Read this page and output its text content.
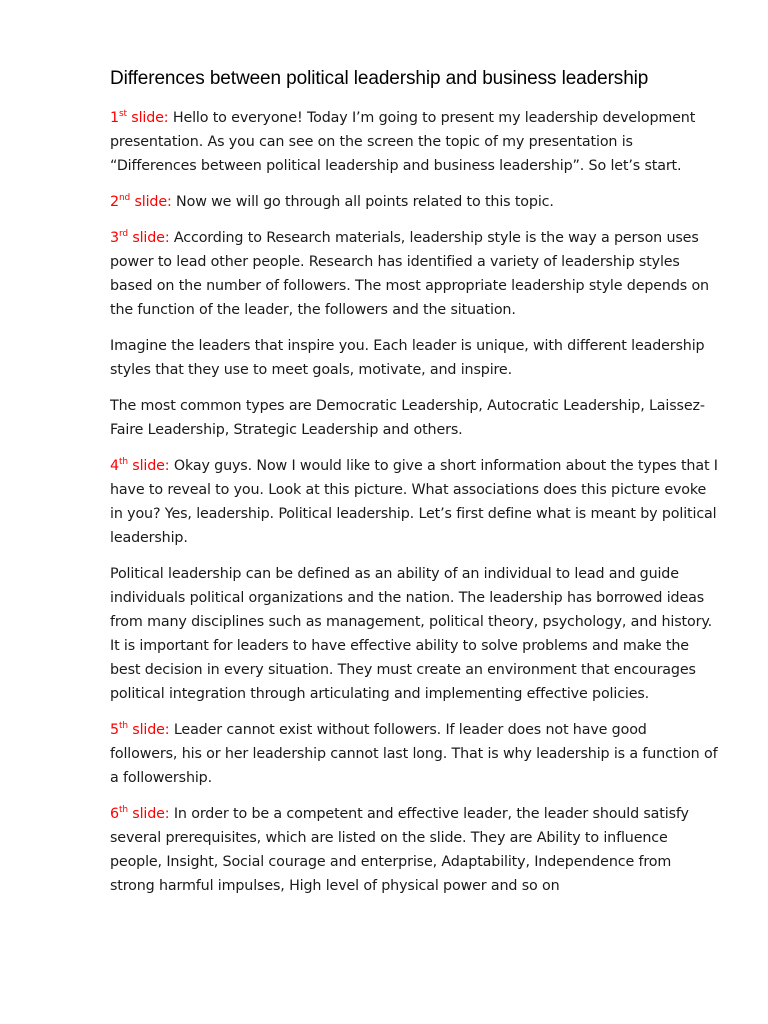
Differences between political leadership and business leadership

1st slide: Hello to everyone! Today I’m going to present my leadership development presentation. As you can see on the screen the topic of my presentation is “Differences between political leadership and business leadership”. So let’s start.

2nd slide: Now we will go through all points related to this topic.

3rd slide: According to Research materials, leadership style is the way a person uses power to lead other people. Research has identified a variety of leadership styles based on the number of followers. The most appropriate leadership style depends on the function of the leader, the followers and the situation.

Imagine the leaders that inspire you. Each leader is unique, with different leadership styles that they use to meet goals, motivate, and inspire.

The most common types are Democratic Leadership, Autocratic Leadership, Laissez-Faire Leadership, Strategic Leadership and others.

4th slide: Okay guys. Now I would like to give a short information about the types that I have to reveal to you. Look at this picture. What associations does this picture evoke in you? Yes, leadership. Political leadership. Let’s first define what is meant by political leadership.

Political leadership can be defined as an ability of an individual to lead and guide individuals political organizations and the nation. The leadership has borrowed ideas from many disciplines such as management, political theory, psychology, and history. It is important for leaders to have effective ability to solve problems and make the best decision in every situation. They must create an environment that encourages political integration through articulating and implementing effective policies.

5th slide: Leader cannot exist without followers. If leader does not have good followers, his or her leadership cannot last long. That is why leadership is a function of a followership.

6th slide: In order to be a competent and effective leader, the leader should satisfy several prerequisites, which are listed on the slide. They are Ability to influence people, Insight, Social courage and enterprise, Adaptability, Independence from strong harmful impulses, High level of physical power and so on
